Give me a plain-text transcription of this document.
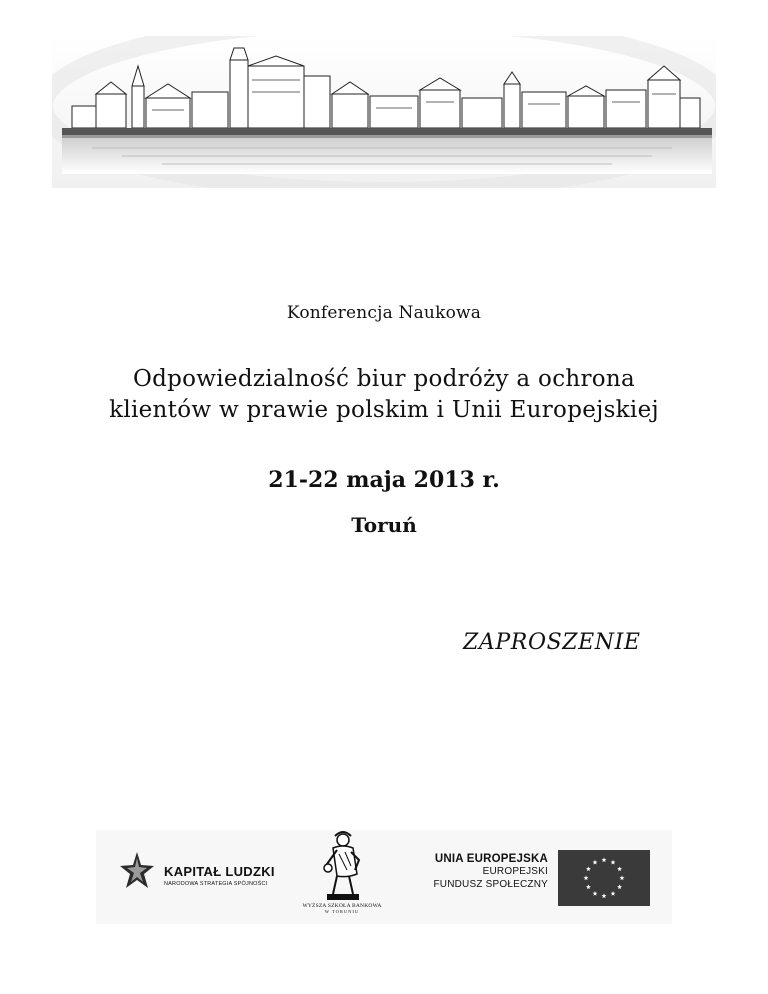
Konferencja Naukowa
Odpowiedzialność biur podróży a ochrona
klientów w prawie polskim i Unii Europejskiej
21-22 maja 2013 r.
Toruń
ZAPROSZENIE
KAPITAŁ LUDZKI
NARODOWA STRATEGIA SPÓJNOŚCI
WYŻSZA SZKOŁA BANKOWA
W TORUNIU
UNIA EUROPEJSKA
EUROPEJSKI
FUNDUSZ SPOŁECZNY
